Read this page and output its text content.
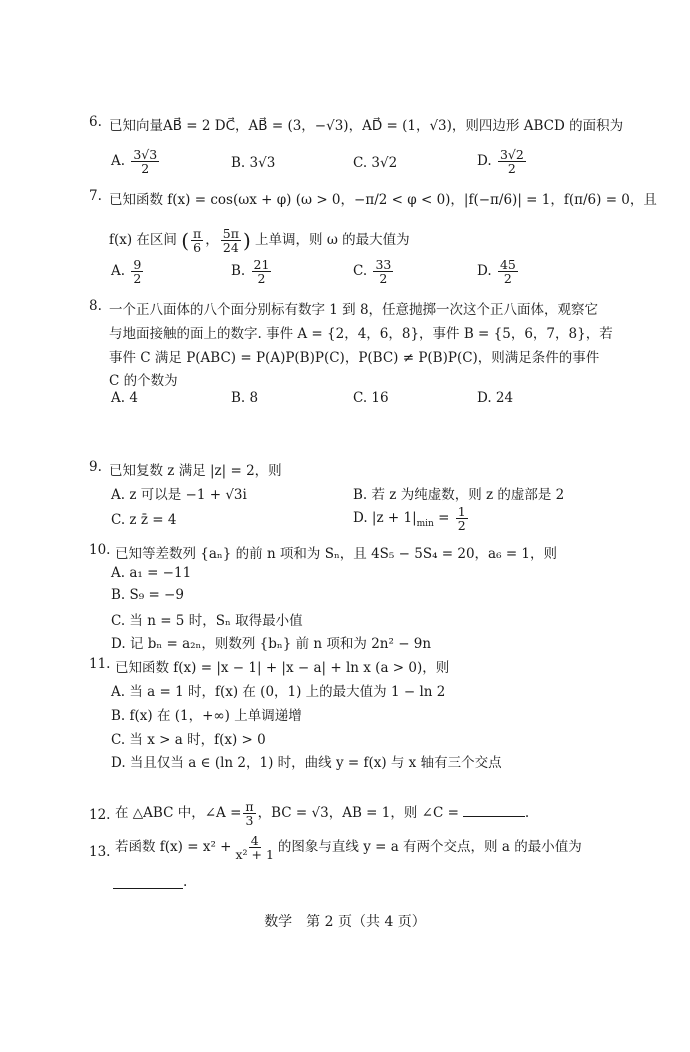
6. 已知向量AB⃗ = 2 DC⃗，AB⃗ = (3，−√3)，AD⃗ = (1，√3)，则四边形 ABCD 的面积为
A. $\frac{3√3}{2}$	B. 3√3	C. 3√2	D. $\frac{3√2}{2}$
7. 已知函数 f(x) = cos(ωx + φ) (ω > 0，−π/2 < φ < 0)，|f(−π/6)| = 1，f(π/6) = 0，且
f(x) 在区间 ( $\frac{\pi}{6}$ ， $\frac{5\pi}{24}$ ) 上单调，则 ω 的最大值为
A. $\frac{9}{2}$	B. $\frac{21}{2}$	C. $\frac{33}{2}$	D. $\frac{45}{2}$
8. 一个正八面体的八个面分别标有数字 1 到 8，任意抛掷一次这个正八面体，观察它
与地面接触的面上的数字. 事件 A = {2，4，6，8}，事件 B = {5，6，7，8}，若
事件 C 满足 P(ABC) = P(A)P(B)P(C)，P(BC) ≠ P(B)P(C)，则满足条件的事件
C 的个数为
A. 4	B. 8	C. 16	D. 24
9. 已知复数 z 满足 |z| = 2，则
A. z 可以是 −1 + √3i	B. 若 z 为纯虚数，则 z 的虚部是 2
C. z z̄ = 4	D. $|z + 1|_{min} = \frac{1}{2}$
10. 已知等差数列 {aₙ} 的前 n 项和为 Sₙ，且 4S₅ − 5S₄ = 20，a₆ = 1，则
A. a₁ = −11
B. S₉ = −9
C. 当 n = 5 时，Sₙ 取得最小值
D. 记 bₙ = a₂ₙ，则数列 {bₙ} 前 n 项和为 2n² − 9n
11. 已知函数 f(x) = |x − 1| + |x − a| + ln x (a > 0)，则
A. 当 a = 1 时，f(x) 在 (0，1) 上的最大值为 1 − ln 2
B. f(x) 在 (1，+∞) 上单调递增
C. 当 x > a 时，f(x) > 0
D. 当且仅当 a ∈ (ln 2，1) 时，曲线 y = f(x) 与 x 轴有三个交点
12. 在 △ABC 中，∠A = $\frac{\pi}{3}$ ，BC = √3，AB = 1，则 ∠C =	.
13. 若函数 $f(x) = x^2 + \frac{4}{\text{x² + 1}}$ 的图象与直线 y = a 有两个交点，则 a 的最小值为
.
数学　第 2 页（共 4 页）
